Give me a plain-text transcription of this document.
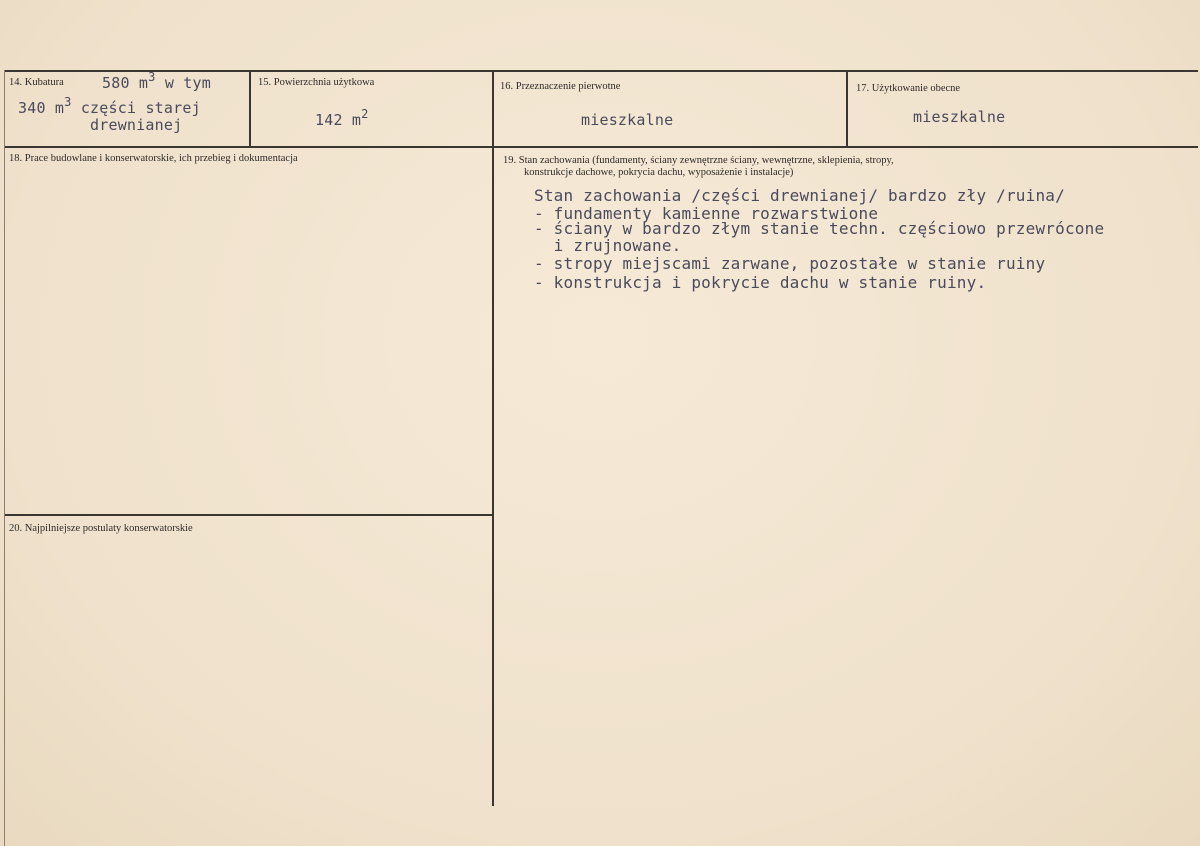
14. Kubatura	580 $m^3$ w tym
340 $m^3$ części starej
drewnianej
15. Powierzchnia użytkowa
142 $m^2$
16. Przeznaczenie pierwotne
mieszkalne
17. Użytkowanie obecne
mieszkalne
18. Prace budowlane i konserwatorskie, ich przebieg i dokumentacja	19. Stan zachowania (fundamenty, ściany zewnętrzne ściany, wewnętrzne, sklepienia, stropy,
konstrukcje dachowe, pokrycia dachu, wyposażenie i instalacje)
Stan zachowania /części drewnianej/ bardzo zły /ruina/
- fundamenty kamienne rozwarstwione
- ściany w bardzo złym stanie techn. częściowo przewrócone
i zrujnowane.
- stropy miejscami zarwane, pozostałe w stanie ruiny
- konstrukcja i pokrycie dachu w stanie ruiny.
20. Najpilniejsze postulaty konserwatorskie
